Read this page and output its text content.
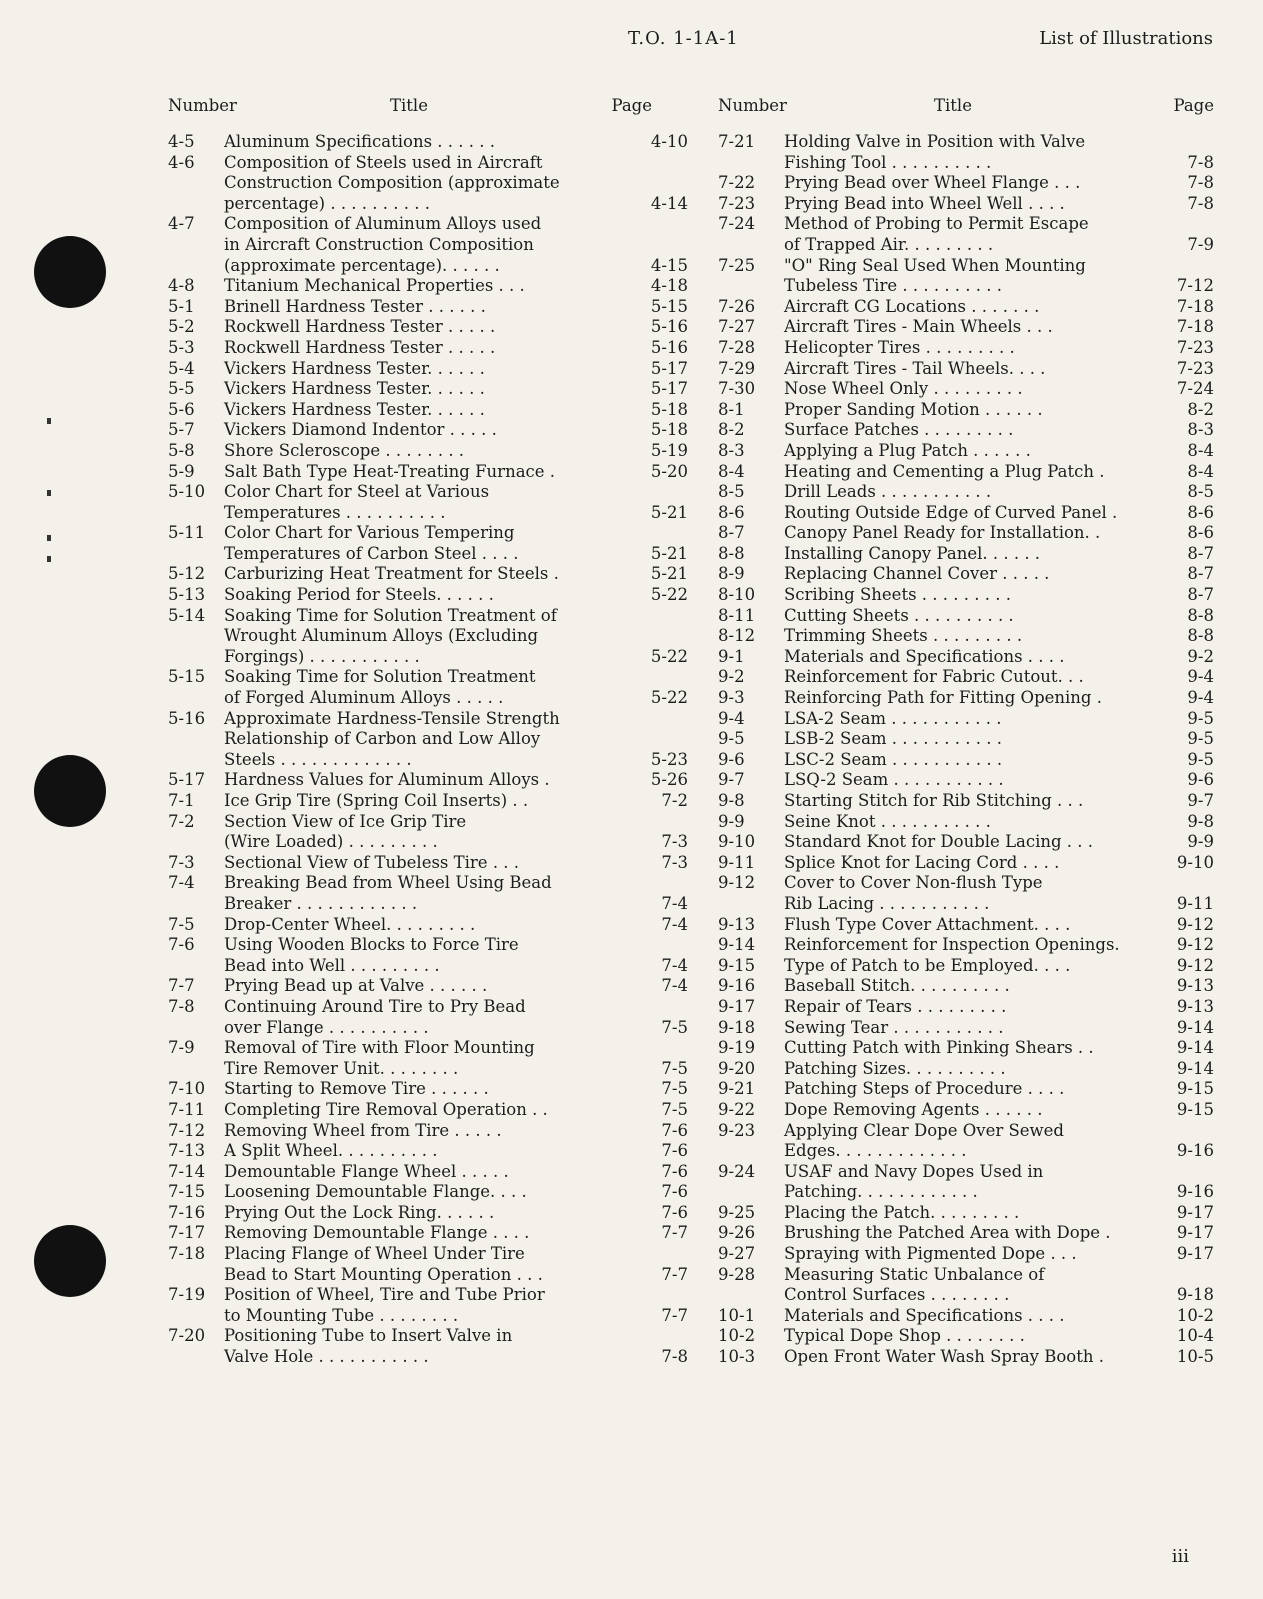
T.O. 1-1A-1	List of Illustrations
Number	Title	Page
4-5 Aluminum Specifications . . . . . .	4-10
4-6 Composition of Steels used in Aircraft
Construction Composition (approximate
percentage) . . . . . . . . . .	4-14
4-7 Composition of Aluminum Alloys used
in Aircraft Construction Composition
(approximate percentage). . . . . .	4-15
4-8 Titanium Mechanical Properties . . .	4-18
5-1 Brinell Hardness Tester . . . . . .	5-15
5-2 Rockwell Hardness Tester . . . . .	5-16
5-3 Rockwell Hardness Tester . . . . .	5-16
5-4 Vickers Hardness Tester. . . . . .	5-17
5-5 Vickers Hardness Tester. . . . . .	5-17
5-6 Vickers Hardness Tester. . . . . .	5-18
5-7 Vickers Diamond Indentor . . . . .	5-18
5-8 Shore Scleroscope . . . . . . . .	5-19
5-9 Salt Bath Type Heat-Treating Furnace .	5-20
5-10 Color Chart for Steel at Various
Temperatures . . . . . . . . . .	5-21
5-11 Color Chart for Various Tempering
Temperatures of Carbon Steel . . . .	5-21
5-12 Carburizing Heat Treatment for Steels .	5-21
5-13 Soaking Period for Steels. . . . . .	5-22
5-14 Soaking Time for Solution Treatment of
Wrought Aluminum Alloys (Excluding
Forgings) . . . . . . . . . . .	5-22
5-15 Soaking Time for Solution Treatment
of Forged Aluminum Alloys . . . . .	5-22
5-16 Approximate Hardness-Tensile Strength
Relationship of Carbon and Low Alloy
Steels . . . . . . . . . . . . .	5-23
5-17 Hardness Values for Aluminum Alloys .	5-26
7-1 Ice Grip Tire (Spring Coil Inserts) . .	7-2
7-2 Section View of Ice Grip Tire
(Wire Loaded) . . . . . . . . .	7-3
7-3 Sectional View of Tubeless Tire . . .	7-3
7-4 Breaking Bead from Wheel Using Bead
Breaker . . . . . . . . . . . .	7-4
7-5 Drop-Center Wheel. . . . . . . . .	7-4
7-6 Using Wooden Blocks to Force Tire
Bead into Well . . . . . . . . .	7-4
7-7 Prying Bead up at Valve . . . . . .	7-4
7-8 Continuing Around Tire to Pry Bead
over Flange . . . . . . . . . .	7-5
7-9 Removal of Tire with Floor Mounting
Tire Remover Unit. . . . . . . .	7-5
7-10 Starting to Remove Tire . . . . . .	7-5
7-11 Completing Tire Removal Operation . .	7-5
7-12 Removing Wheel from Tire . . . . .	7-6
7-13 A Split Wheel. . . . . . . . . .	7-6
7-14 Demountable Flange Wheel . . . . .	7-6
7-15 Loosening Demountable Flange. . . .	7-6
7-16 Prying Out the Lock Ring. . . . . .	7-6
7-17 Removing Demountable Flange . . . .	7-7
7-18 Placing Flange of Wheel Under Tire
Bead to Start Mounting Operation . . .	7-7
7-19 Position of Wheel, Tire and Tube Prior
to Mounting Tube . . . . . . . .	7-7
7-20 Positioning Tube to Insert Valve in
Valve Hole . . . . . . . . . . .	7-8
Number	Title	Page
7-21 Holding Valve in Position with Valve
Fishing Tool . . . . . . . . . .	7-8
7-22 Prying Bead over Wheel Flange . . .	7-8
7-23 Prying Bead into Wheel Well . . . .	7-8
7-24 Method of Probing to Permit Escape
of Trapped Air. . . . . . . . .	7-9
7-25 "O" Ring Seal Used When Mounting
Tubeless Tire . . . . . . . . . .	7-12
7-26 Aircraft CG Locations . . . . . . .	7-18
7-27 Aircraft Tires - Main Wheels . . .	7-18
7-28 Helicopter Tires . . . . . . . . .	7-23
7-29 Aircraft Tires - Tail Wheels. . . .	7-23
7-30 Nose Wheel Only . . . . . . . . .	7-24
8-1 Proper Sanding Motion . . . . . .	8-2
8-2 Surface Patches . . . . . . . . .	8-3
8-3 Applying a Plug Patch . . . . . .	8-4
8-4 Heating and Cementing a Plug Patch .	8-4
8-5 Drill Leads . . . . . . . . . . .	8-5
8-6 Routing Outside Edge of Curved Panel .	8-6
8-7 Canopy Panel Ready for Installation. .	8-6
8-8 Installing Canopy Panel. . . . . .	8-7
8-9 Replacing Channel Cover . . . . .	8-7
8-10 Scribing Sheets . . . . . . . . .	8-7
8-11 Cutting Sheets . . . . . . . . . .	8-8
8-12 Trimming Sheets . . . . . . . . .	8-8
9-1 Materials and Specifications . . . .	9-2
9-2 Reinforcement for Fabric Cutout. . .	9-4
9-3 Reinforcing Path for Fitting Opening .	9-4
9-4 LSA-2 Seam . . . . . . . . . . .	9-5
9-5 LSB-2 Seam . . . . . . . . . . .	9-5
9-6 LSC-2 Seam . . . . . . . . . . .	9-5
9-7 LSQ-2 Seam . . . . . . . . . . .	9-6
9-8 Starting Stitch for Rib Stitching . . .	9-7
9-9 Seine Knot . . . . . . . . . . .	9-8
9-10 Standard Knot for Double Lacing . . .	9-9
9-11 Splice Knot for Lacing Cord . . . .	9-10
9-12 Cover to Cover Non-flush Type
Rib Lacing . . . . . . . . . . .	9-11
9-13 Flush Type Cover Attachment. . . .	9-12
9-14 Reinforcement for Inspection Openings.	9-12
9-15 Type of Patch to be Employed. . . .	9-12
9-16 Baseball Stitch. . . . . . . . . .	9-13
9-17 Repair of Tears . . . . . . . . .	9-13
9-18 Sewing Tear . . . . . . . . . . .	9-14
9-19 Cutting Patch with Pinking Shears . .	9-14
9-20 Patching Sizes. . . . . . . . . .	9-14
9-21 Patching Steps of Procedure . . . .	9-15
9-22 Dope Removing Agents . . . . . .	9-15
9-23 Applying Clear Dope Over Sewed
Edges. . . . . . . . . . . . .	9-16
9-24 USAF and Navy Dopes Used in
Patching. . . . . . . . . . . .	9-16
9-25 Placing the Patch. . . . . . . . .	9-17
9-26 Brushing the Patched Area with Dope .	9-17
9-27 Spraying with Pigmented Dope . . .	9-17
9-28 Measuring Static Unbalance of
Control Surfaces . . . . . . . .	9-18
10-1 Materials and Specifications . . . .	10-2
10-2 Typical Dope Shop . . . . . . . .	10-4
10-3 Open Front Water Wash Spray Booth .	10-5
iii
